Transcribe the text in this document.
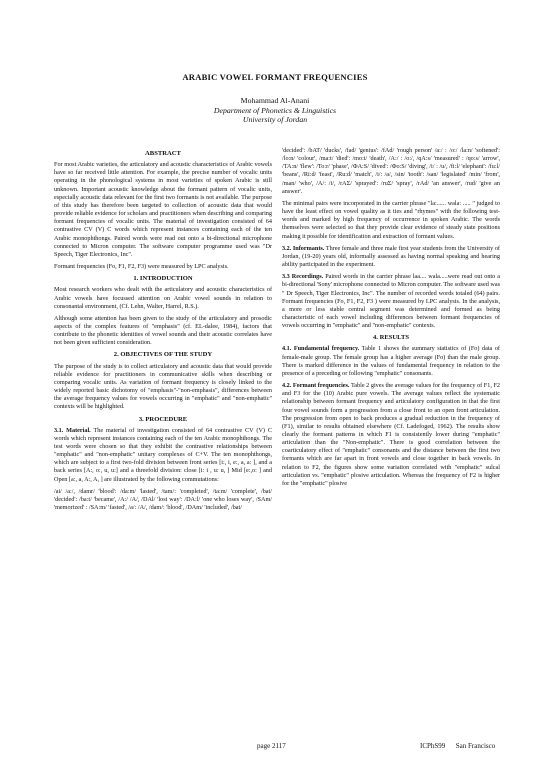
ARABIC VOWEL FORMANT FREQUENCIES
Mohammad Al-Anani
Department of Phonetics & Linguistics
University of Jordan
ABSTRACT

For most Arabic varieties, the articulatory and acoustic characteristics of Arabic vowels have so far received little attention. For example, the precise number of vocalic units operating in the phonological systems in most varieties of spoken Arabic is still unknown. Important acoustic knowledge about the formant pattern of vocalic units, especially acoustic data relevant for the first two formants is not available. The purpose of this study has therefore been targeted to collection of acoustic data that would provide reliable evidence for scholars and practitioners when describing and comparing formant frequencies of vocalic units. The material of investigation consisted of 64 contrastive CV (V) C words which represent instances containing each of the ten Arabic monophthongs. Paired words were read out onto a bi-directional microphone connected to Micron computer. The software computer programme used was "Dr Speech, Tiger Electronics, Inc".

Formant frequencies (Fo, F1, F2, F3) were measured by LPC analysis.

1. INTRODUCTION

Most research workers who dealt with the articulatory and acoustic characteristics of Arabic vowels have focussed attention on Arabic vowel sounds in relation to consonantal environment, (Cf. Lehn, Walter, Harrel, R.S.).

Although some attention has been given to the study of the articulatory and prosodic aspects of the complex features of "emphasis" (cf. EL-dalee, 1984), factors that contribute to the phonetic identities of vowel sounds and their acoustic correlates have not been given sufficient consideration.

2. OBJECTIVES OF THE STUDY

The purpose of the study is to collect articulatory and acoustic data that would provide reliable evidence for practitioners in communicative skills when describing or comparing vocalic units. As variation of formant frequency is closely linked to the widely reported basic dichotomy of "emphasis"-"non-emphasis", differences between the average frequency values for vowels occurring in "emphatic" and "non-emphatic" contexts will be highlighted.

3. PROCEDURE

3.1. Material. The material of investigation consisted of 64 contrastive CV (V) C words which represent instances containing each of the ten Arabic monophthongs. The test words were chosen so that they exhibit the contrastive relationships between "emphatic" and "non-emphatic" unitary complexes of C+V. The ten monophthongs, which are subject to a first two-fold division between front series [i:, i, e:, a, a: ], and a back series [A:, o:, u, u:] and a threefold division: close [i: i , u: u, ] Mid [e:,o: ] and Open [a:, a, A:, A, ] are illustrated by the following commutations:

/ai/ /a:/, /damr/ 'blood': /da:m/ 'lasted', /tam/: 'completed', /ta:m/ 'complete', /bat/ 'decided': /ba:t/ 'became', /A:/ /A/, /DAl/ 'lost way': /DA:l/ 'one who loses way', /SAm/ 'memorized' : /SA:m/ 'fasted', /a/: /A/, /dam/: 'blood', /DAm/ 'included', /bat/

'decided': /bAT/ 'ducks', /fad/ 'genius': /fAd/ 'rough person' /a:/ : /o:/ /la:n/ 'softened': /lo:n/ 'colour', /ma:t/ 'died': /mo:t/ 'death', /A:/ : /o:/, /qA:s/ 'measured' : /qo:s/ 'arrow', /TA:n/ 'flew': /To:r/ 'phase', /ФA:S/ 'dived': /Фo:S/ 'diving', /i/ : /u/, /fi:l/ 'elephant': /fu:l/ 'beans', /Ri:d/ 'feast', /Ru:d/ 'match', /i/: /a/, /sin/ 'tooth': /san/ 'legislated' /min/ 'from', /man/ 'who', /A/: /i/, /rAΣ/ 'sprayed': /ruΣ/ 'spray', /rAd/ 'an answer', /rud/ 'give an answer'.

The minimal pairs were incorporated in the carrier phrase "la:...... wala: ..... " judged to have the least effect on vowel quality as it ties and "rhymes" with the following test-words and marked by high frequency of occurrence in spoken Arabic. The words themselves were selected so that they provide clear evidence of steady state positions making it possible for identification and extraction of formant values.

3.2. Informants. Three female and three male first year students from the University of Jordan, (19-20) years old, informally assessed as having normal speaking and hearing ability participated in the experiment.

3.3 Recordings. Paired words in the carrier phrase laa.... wala.....were read out onto a bi-directional 'Sony' microphone connected to Micron computer. The software used was " Dr Speech, Tiger Electronics, Inc". The number of recorded words totaled (64) pairs. Formant frequencies (Fo, F1, F2, F3 ) were measured by LPC analysis. In the analysis, a more or less stable central segment was determined and formed as being characteristic of each vowel including differences between formant frequencies of vowels occurring in "emphatic" and "non-emphatic" contexts.

4. RESULTS

4.1. Fundamental frequency. Table 1 shows the summary statistics of (Fo) data of female-male group. The female group has a higher average (Fo) than the male group. There is marked difference in the values of fundamental frequency in relation to the presence of a preceding or following "emphatic" consonants.

4.2. Formant frequencies. Table 2 gives the average values for the frequency of F1, F2 and F3 for the (10) Arabic pure vowels. The average values reflect the systematic relationship between formant frequency and articulatory configuration in that the first four vowel sounds form a progression from a close front to an open front articulation. The progression from open to back produces a gradual reduction in the frequency of (F1), similar to results obtained elsewhere (Cf. Ladefoged, 1962). The results show clearly the formant patterns in which F1 is consistently lower during "emphatic" articulation than the "Non-emphatic". There is good correlation between the coarticulatory effect of "emphatic" consonants and the distance between the first two formants which are far apart in front vowels and close together in back vowels. In relation to F2, the figures show some variation correlated with "emphatic" sulcal articulation vs. "emphatic" plosive articulation. Whereas the frequency of F2 is higher for the "emphatic" plosive

page 2117	ICPhS99      San Francisco
